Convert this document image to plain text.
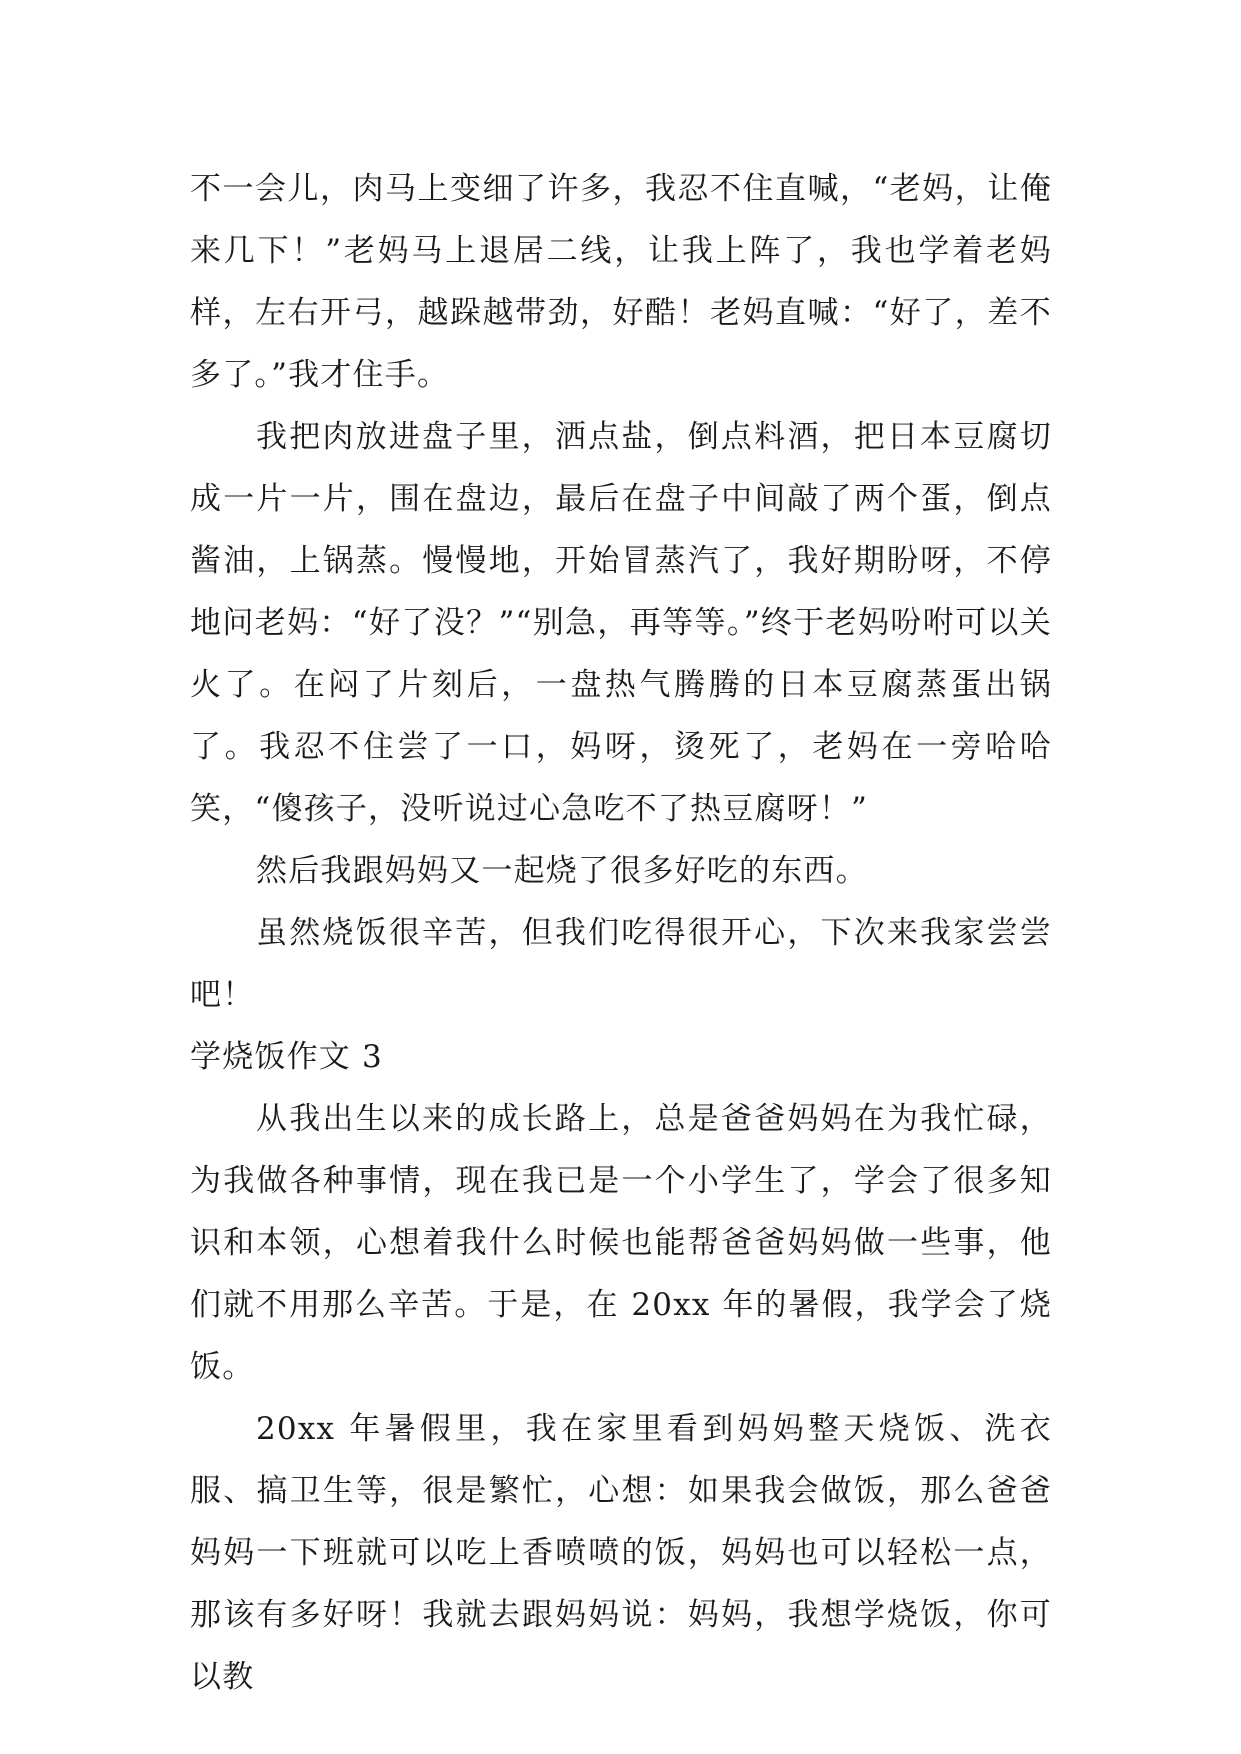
不一会儿，肉马上变细了许多，我忍不住直喊，“老妈，让俺来几下！”老妈马上退居二线，让我上阵了，我也学着老妈样，左右开弓，越跺越带劲，好酷！老妈直喊：“好了，差不多了。”我才住手。

我把肉放进盘子里，洒点盐，倒点料酒，把日本豆腐切成一片一片，围在盘边，最后在盘子中间敲了两个蛋，倒点酱油，上锅蒸。慢慢地，开始冒蒸汽了，我好期盼呀，不停地问老妈：“好了没？”“别急，再等等。”终于老妈吩咐可以关火了。在闷了片刻后，一盘热气腾腾的日本豆腐蒸蛋出锅了。我忍不住尝了一口，妈呀，烫死了，老妈在一旁哈哈笑，“傻孩子，没听说过心急吃不了热豆腐呀！”

然后我跟妈妈又一起烧了很多好吃的东西。

虽然烧饭很辛苦，但我们吃得很开心，下次来我家尝尝吧！

学烧饭作文 3

从我出生以来的成长路上，总是爸爸妈妈在为我忙碌，为我做各种事情，现在我已是一个小学生了，学会了很多知识和本领，心想着我什么时候也能帮爸爸妈妈做一些事，他们就不用那么辛苦。于是，在 20xx 年的暑假，我学会了烧饭。

20xx 年暑假里，我在家里看到妈妈整天烧饭、洗衣服、搞卫生等，很是繁忙，心想：如果我会做饭，那么爸爸妈妈一下班就可以吃上香喷喷的饭，妈妈也可以轻松一点，那该有多好呀！我就去跟妈妈说：妈妈，我想学烧饭，你可以教
